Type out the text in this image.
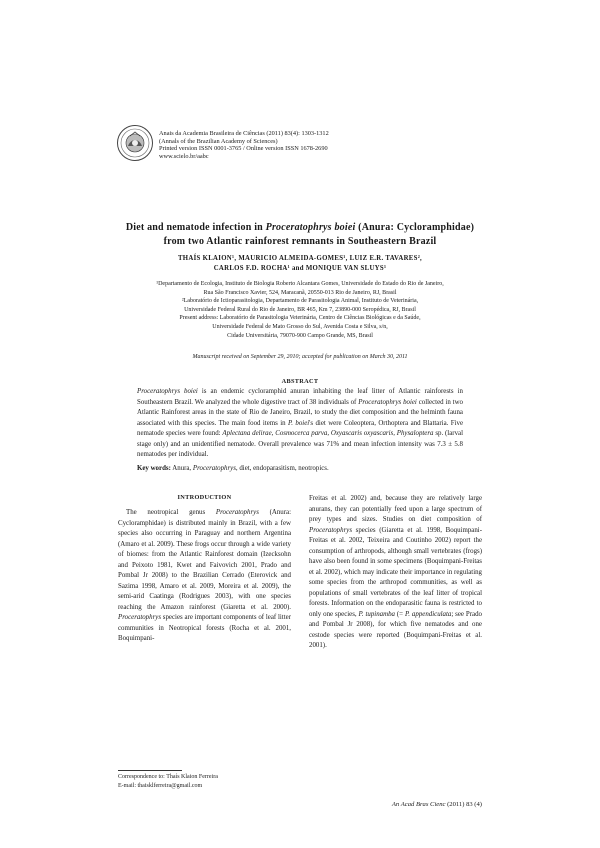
Anais da Academia Brasileira de Ciências (2011) 83(4): 1303-1312
(Annals of the Brazilian Academy of Sciences)
Printed version ISSN 0001-3765 / Online version ISSN 1678-2690
www.scielo.br/aabc
Diet and nematode infection in Proceratophrys boiei (Anura: Cycloramphidae)
from two Atlantic rainforest remnants in Southeastern Brazil
THAÍS KLAION¹, MAURICIO ALMEIDA-GOMES¹, LUIZ E.R. TAVARES²,
CARLOS F.D. ROCHA¹ and MONIQUE VAN SLUYS¹
¹Departamento de Ecologia, Instituto de Biologia Roberto Alcantara Gomes, Universidade do Estado do Rio de Janeiro,
Rua São Francisco Xavier, 524, Maracanã, 20550-013 Rio de Janeiro, RJ, Brasil
²Laboratório de Ictioparasitologia, Departamento de Parasitologia Animal, Instituto de Veterinária,
Universidade Federal Rural do Rio de Janeiro, BR 465, Km 7, 23890-000 Seropédica, RJ, Brasil
Present address: Laboratório de Parasitologia Veterinária, Centro de Ciências Biológicas e da Saúde,
Universidade Federal de Mato Grosso do Sul, Avenida Costa e Silva, s/n,
Cidade Universitária, 79070-900 Campo Grande, MS, Brasil
Manuscript received on September 29, 2010; accepted for publication on March 30, 2011
ABSTRACT

Proceratophrys boiei is an endemic cycloramphid anuran inhabiting the leaf litter of Atlantic rainforests in Southeastern Brazil. We analyzed the whole digestive tract of 38 individuals of Proceratophrys boiei collected in two Atlantic Rainforest areas in the state of Rio de Janeiro, Brazil, to study the diet composition and the helminth fauna associated with this species. The main food items in P. boiei's diet were Coleoptera, Orthoptera and Blattaria. Five nematode species were found: Aplectana delirae, Cosmocerca parva, Oxyascaris oxyascaris, Physaloptera sp. (larval stage only) and an unidentified nematode. Overall prevalence was 71% and mean infection intensity was 7.3 ± 5.8 nematodes per individual.

Key words: Anura, Proceratophrys, diet, endoparasitism, neotropics.
INTRODUCTION

The neotropical genus Proceratophrys (Anura: Cycloramphidae) is distributed mainly in Brazil, with a few species also occurring in Paraguay and northern Argentina (Amaro et al. 2009). These frogs occur through a wide variety of biomes: from the Atlantic Rainforest domain (Izecksohn and Peixoto 1981, Kwet and Faivovich 2001, Prado and Pombal Jr 2008) to the Brazilian Cerrado (Eterovick and Sazima 1998, Amaro et al. 2009, Moreira et al. 2009), the semi-arid Caatinga (Rodrigues 2003), with one species reaching the Amazon rainforest (Giaretta et al. 2000). Proceratophrys species are important components of leaf litter communities in Neotropical forests (Rocha et al. 2001, Boquimpani-

Freitas et al. 2002) and, because they are relatively large anurans, they can potentially feed upon a large spectrum of prey types and sizes. Studies on diet composition of Proceratophrys species (Giaretta et al. 1998, Boquimpani-Freitas et al. 2002, Teixeira and Coutinho 2002) report the consumption of arthropods, although small vertebrates (frogs) have also been found in some specimens (Boquimpani-Freitas et al. 2002), which may indicate their importance in regulating some species from the arthropod communities, as well as populations of small vertebrates of the leaf litter of tropical forests. Information on the endoparasitic fauna is restricted to only one species, P. tupinamba (= P. appendiculata; see Prado and Pombal Jr 2008), for which five nematodes and one cestode species were reported (Boquimpani-Freitas et al. 2001).

Correspondence to: Thaís Klaion Ferreira
E-mail: thaisklferreira@gmail.com
An Acad Bras Cienc (2011) 83 (4)
